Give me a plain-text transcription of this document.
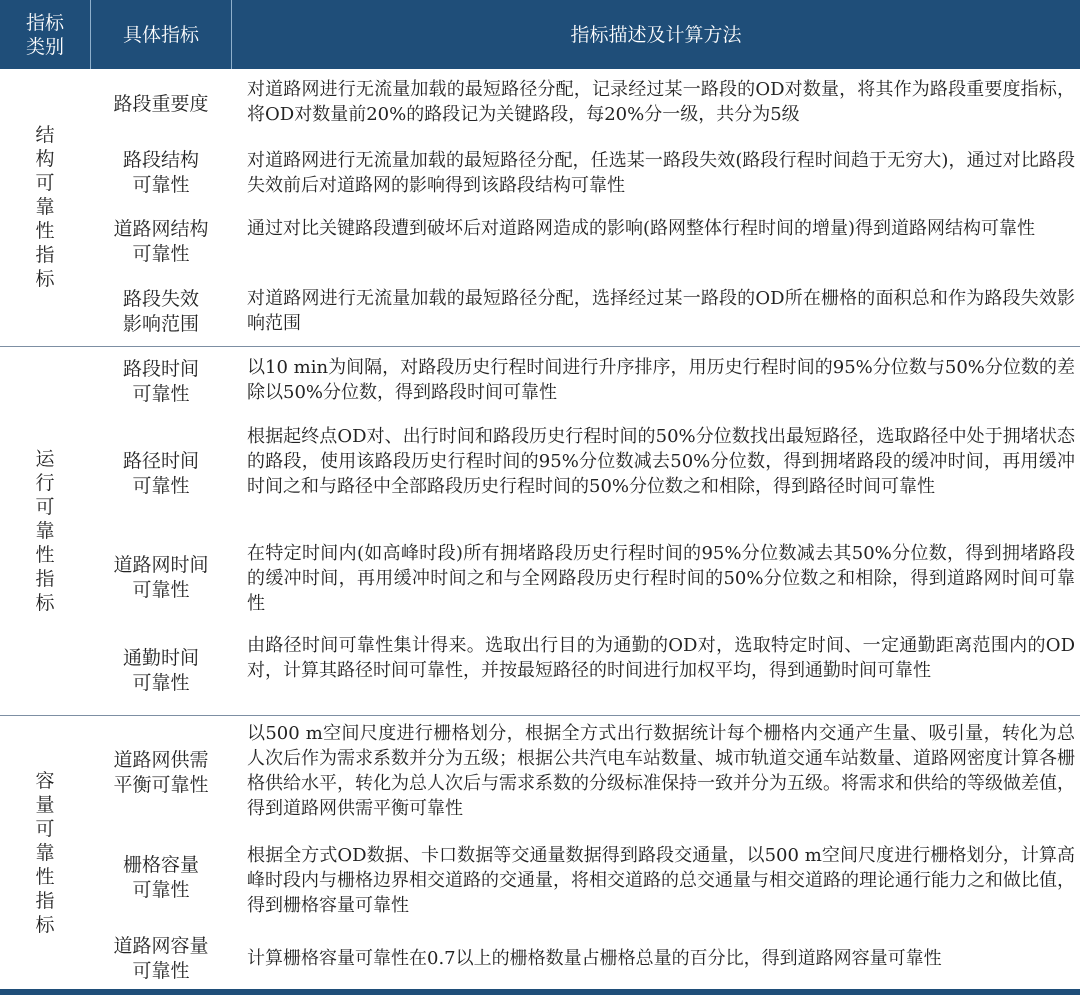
指标类别
具体指标	指标描述及计算方法
结构可靠性指标
路段重要度
对道路网进行无流量加载的最短路径分配，记录经过某一路段的OD对数量，将其作为路段重要度指标，将OD对数量前20%的路段记为关键路段，每20%分一级，共分为5级
路段结构可靠性
对道路网进行无流量加载的最短路径分配，任选某一路段失效(路段行程时间趋于无穷大)，通过对比路段失效前后对道路网的影响得到该路段结构可靠性
道路网结构可靠性
通过对比关键路段遭到破坏后对道路网造成的影响(路网整体行程时间的增量)得到道路网结构可靠性
路段失效影响范围
对道路网进行无流量加载的最短路径分配，选择经过某一路段的OD所在栅格的面积总和作为路段失效影响范围
运行可靠性指标
路段时间可靠性
以10 min为间隔，对路段历史行程时间进行升序排序，用历史行程时间的95%分位数与50%分位数的差除以50%分位数，得到路段时间可靠性
路径时间可靠性
根据起终点OD对、出行时间和路段历史行程时间的50%分位数找出最短路径，选取路径中处于拥堵状态的路段，使用该路段历史行程时间的95%分位数减去50%分位数，得到拥堵路段的缓冲时间，再用缓冲时间之和与路径中全部路段历史行程时间的50%分位数之和相除，得到路径时间可靠性
道路网时间可靠性
在特定时间内(如高峰时段)所有拥堵路段历史行程时间的95%分位数减去其50%分位数，得到拥堵路段的缓冲时间，再用缓冲时间之和与全网路段历史行程时间的50%分位数之和相除，得到道路网时间可靠性
通勤时间可靠性
由路径时间可靠性集计得来。选取出行目的为通勤的OD对，选取特定时间、一定通勤距离范围内的OD对，计算其路径时间可靠性，并按最短路径的时间进行加权平均，得到通勤时间可靠性
容量可靠性指标
道路网供需平衡可靠性
以500 m空间尺度进行栅格划分，根据全方式出行数据统计每个栅格内交通产生量、吸引量，转化为总人次后作为需求系数并分为五级；根据公共汽电车站数量、城市轨道交通车站数量、道路网密度计算各栅格供给水平，转化为总人次后与需求系数的分级标准保持一致并分为五级。将需求和供给的等级做差值，得到道路网供需平衡可靠性
栅格容量可靠性
根据全方式OD数据、卡口数据等交通量数据得到路段交通量，以500 m空间尺度进行栅格划分，计算高峰时段内与栅格边界相交道路的交通量，将相交道路的总交通量与相交道路的理论通行能力之和做比值，得到栅格容量可靠性
道路网容量可靠性
计算栅格容量可靠性在0.7以上的栅格数量占栅格总量的百分比，得到道路网容量可靠性
